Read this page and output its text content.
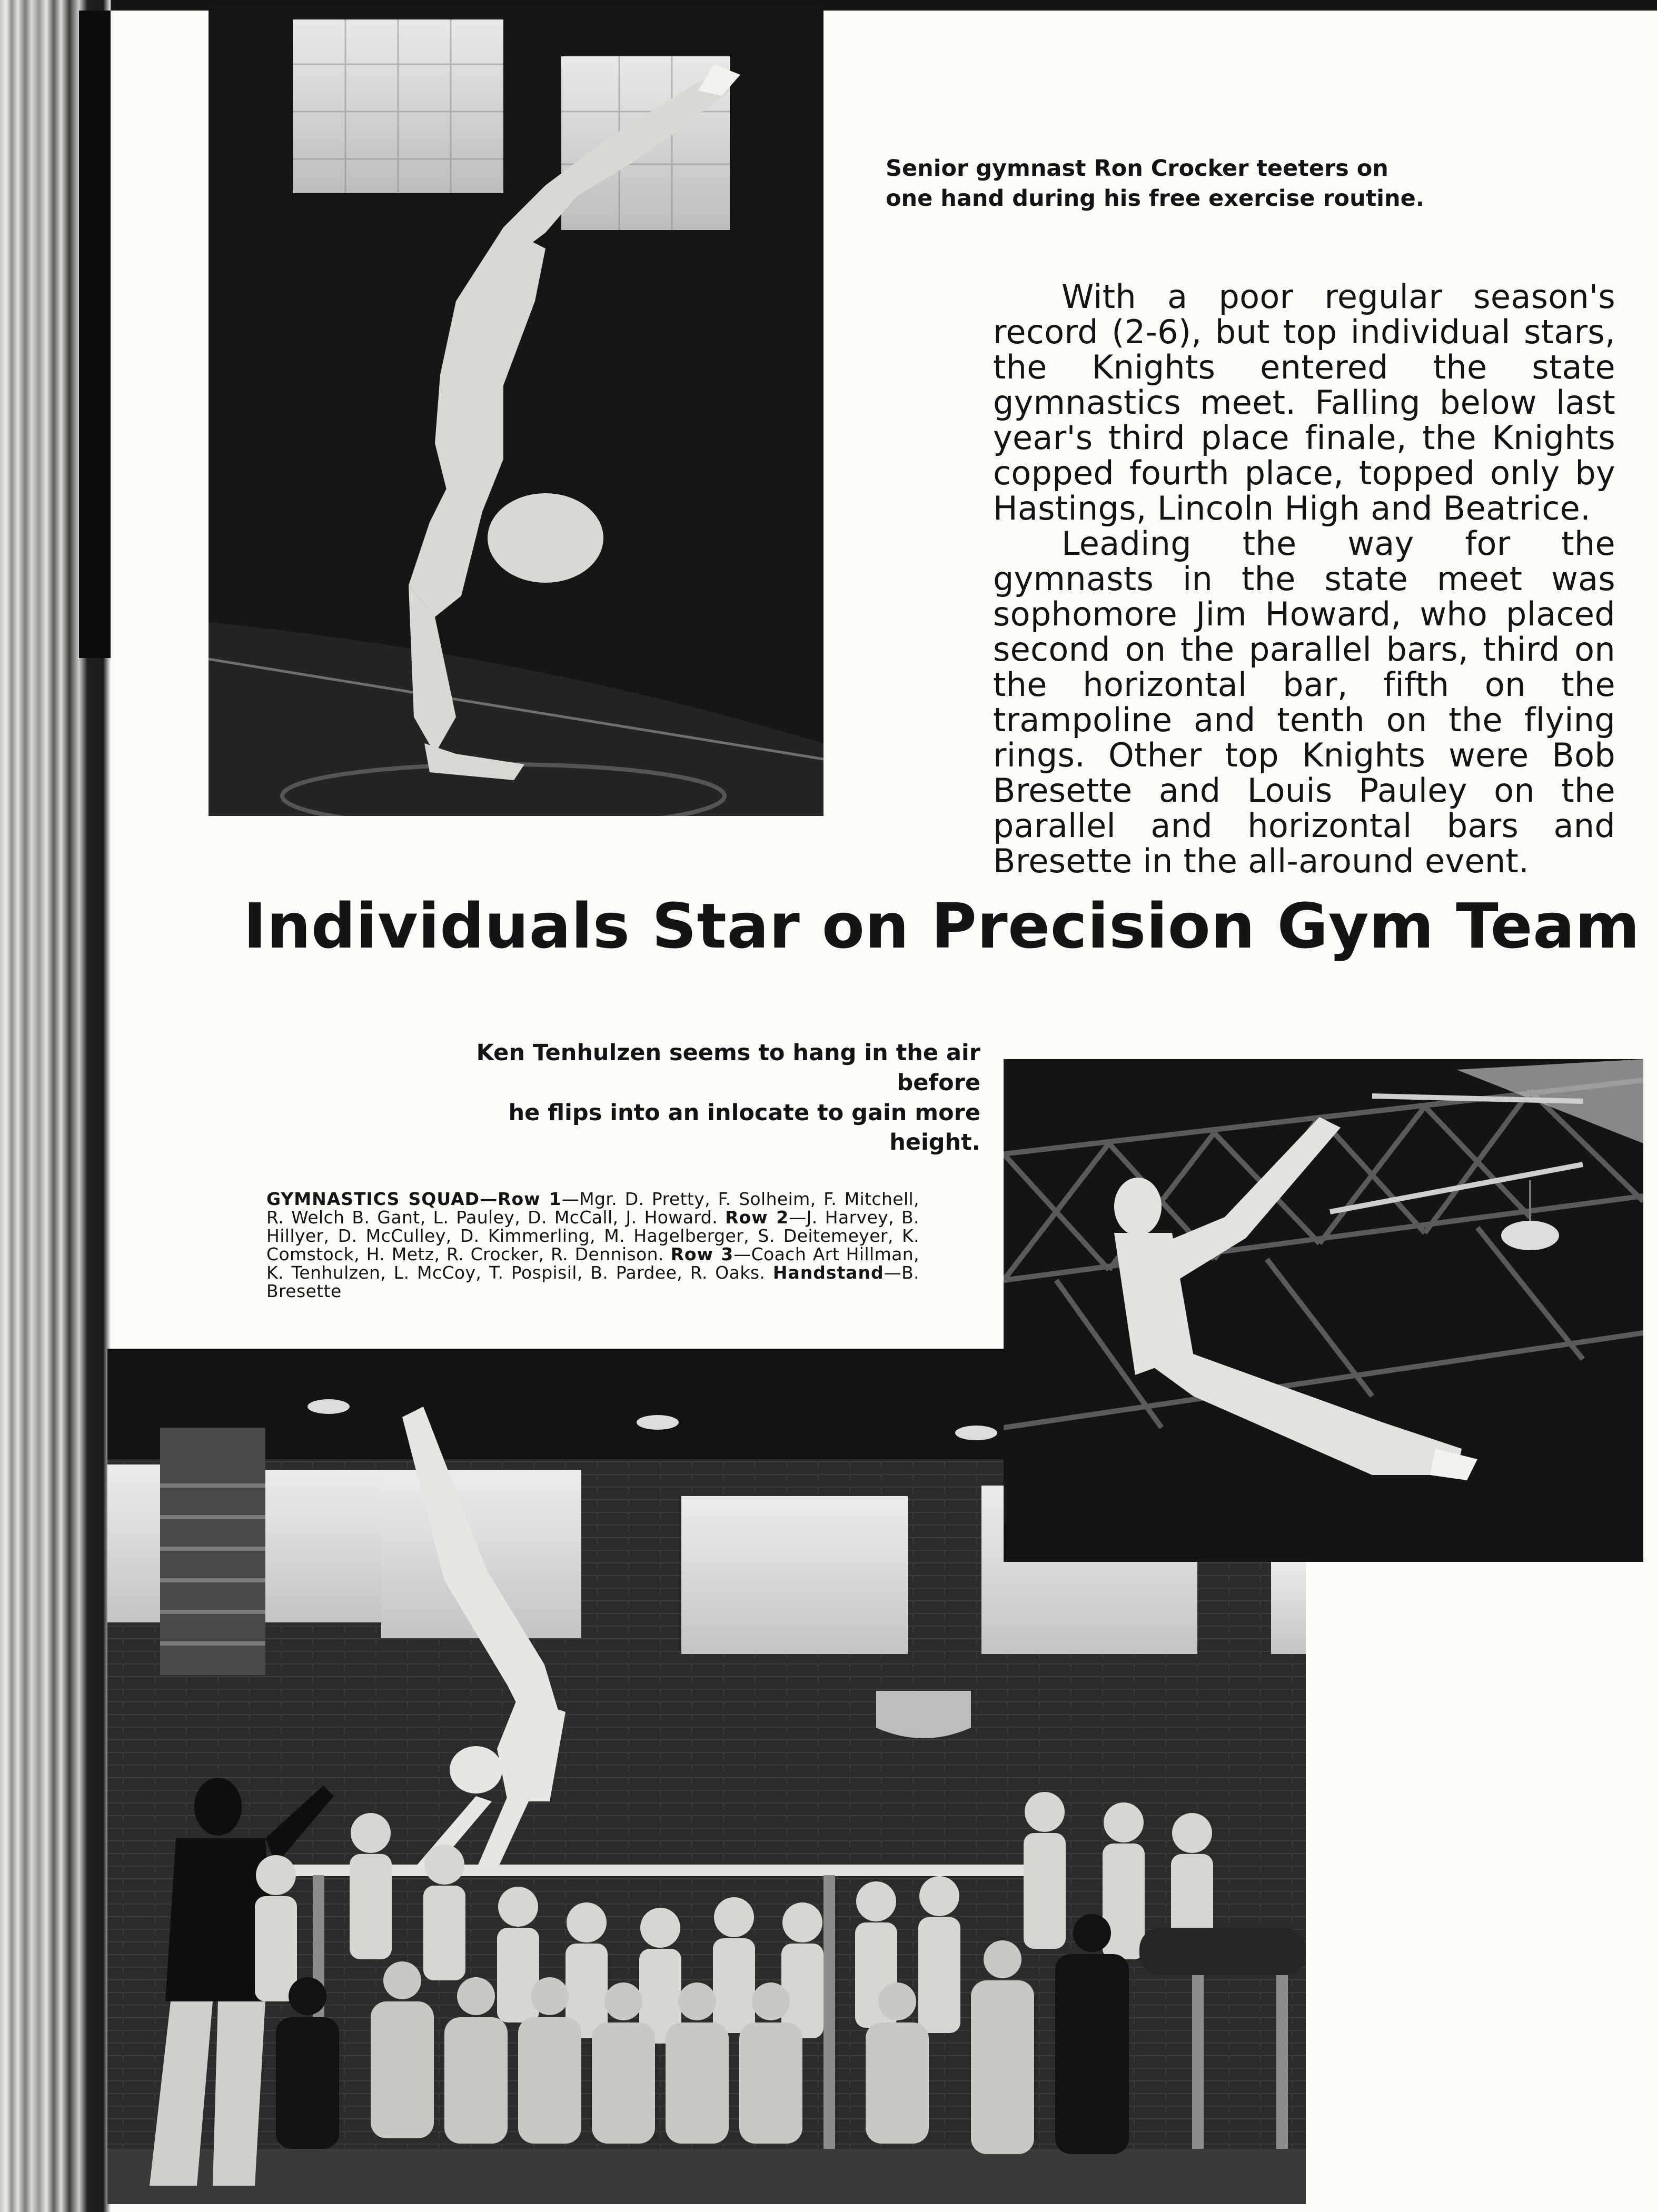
Senior gymnast Ron Crocker teeters on
one hand during his free exercise routine.

With a poor regular season's record (2-6), but top individual stars, the Knights entered the state gymnastics meet. Falling below last year's third place finale, the Knights copped fourth place, topped only by Hastings, Lincoln High and Beatrice.

Leading the way for the gymnasts in the state meet was sophomore Jim Howard, who placed second on the parallel bars, third on the horizontal bar, fifth on the trampoline and tenth on the flying rings. Other top Knights were Bob Bresette and Louis Pauley on the parallel and horizontal bars and Bresette in the all-around event.

Individuals Star on Precision Gym Team
Ken Tenhulzen seems to hang in the air before
he flips into an inlocate to gain more height.
GYMNASTICS SQUAD—Row 1—Mgr. D. Pretty, F. Solheim, F. Mitchell, R. Welch B. Gant, L. Pauley, D. McCall, J. Howard. Row 2—J. Harvey, B. Hillyer, D. McCulley, D. Kimmerling, M. Hagelberger, S. Deitemeyer, K. Comstock, H. Metz, R. Crocker, R. Dennison. Row 3—Coach Art Hillman, K. Tenhulzen, L. McCoy, T. Pospisil, B. Pardee, R. Oaks. Handstand—B. Bresette
